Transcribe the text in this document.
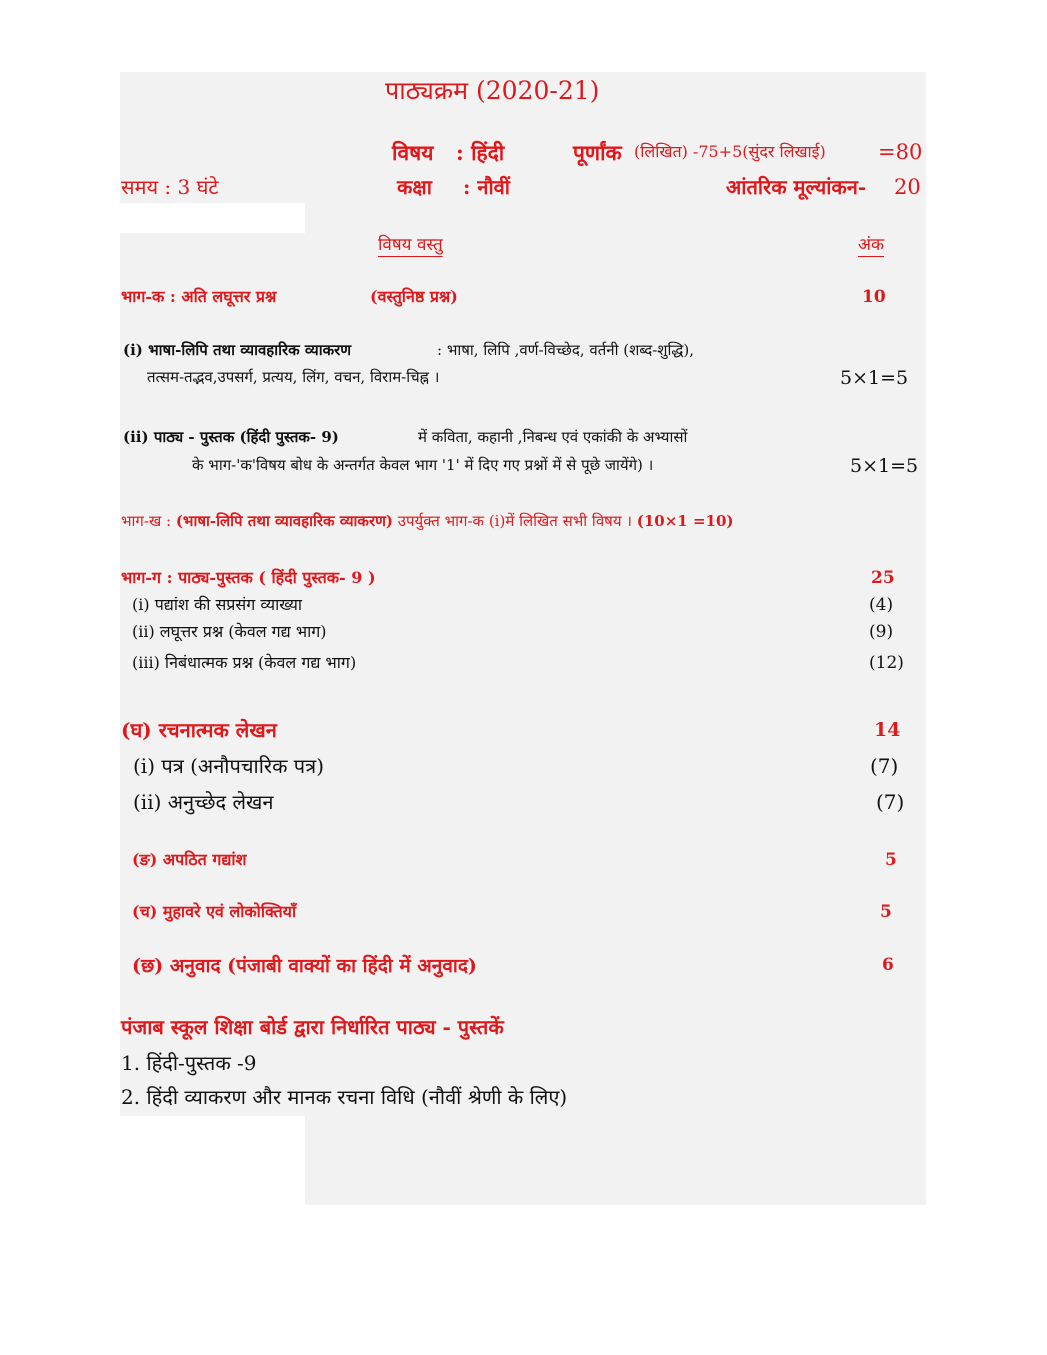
पाठ्यक्रम (2020-21)
विषय : हिंदी	पूर्णांक (लिखित) -75+5(सुंदर लिखाई) =80
समय : 3 घंटे	कक्षा : नौवीं	आंतरिक मूल्यांकन- 20
विषय वस्तु	अंक
भाग-क : अति लघूत्तर प्रश्न	(वस्तुनिष्ठ प्रश्न)	10
(i) भाषा-लिपि तथा व्यावहारिक व्याकरण	: भाषा, लिपि ,वर्ण-विच्छेद, वर्तनी (शब्द-शुद्धि),
तत्सम-तद्भव,उपसर्ग, प्रत्यय, लिंग, वचन, विराम-चिह्न ।	5×1=5
(ii) पाठ्य - पुस्तक (हिंदी पुस्तक- 9)	में कविता, कहानी ,निबन्ध एवं एकांकी के अभ्यासों
के भाग-'क'विषय बोध के अन्तर्गत केवल भाग '1' में दिए गए प्रश्नों में से पूछे जायेंगे) ।	5×1=5
भाग-ख : (भाषा-लिपि तथा व्यावहारिक व्याकरण) उपर्युक्त भाग-क (i)में लिखित सभी विषय । (10×1 =10)
भाग-ग : पाठ्य-पुस्तक ( हिंदी पुस्तक- 9 )	25
(i) पद्यांश की सप्रसंग व्याख्या	(4)
(ii) लघूत्तर प्रश्न (केवल गद्य भाग)	(9)
(iii) निबंधात्मक प्रश्न (केवल गद्य भाग)	(12)
(घ) रचनात्मक लेखन	14
(i) पत्र (अनौपचारिक पत्र)	(7)
(ii) अनुच्छेद लेखन	(7)
(ङ) अपठित गद्यांश	5
(च) मुहावरे एवं लोकोक्तियाँ	5
(छ) अनुवाद (पंजाबी वाक्यों का हिंदी में अनुवाद)	6
पंजाब स्कूल शिक्षा बोर्ड द्वारा निर्धारित पाठ्य - पुस्तकें
1. हिंदी-पुस्तक -9
2. हिंदी व्याकरण और मानक रचना विधि (नौवीं श्रेणी के लिए)
